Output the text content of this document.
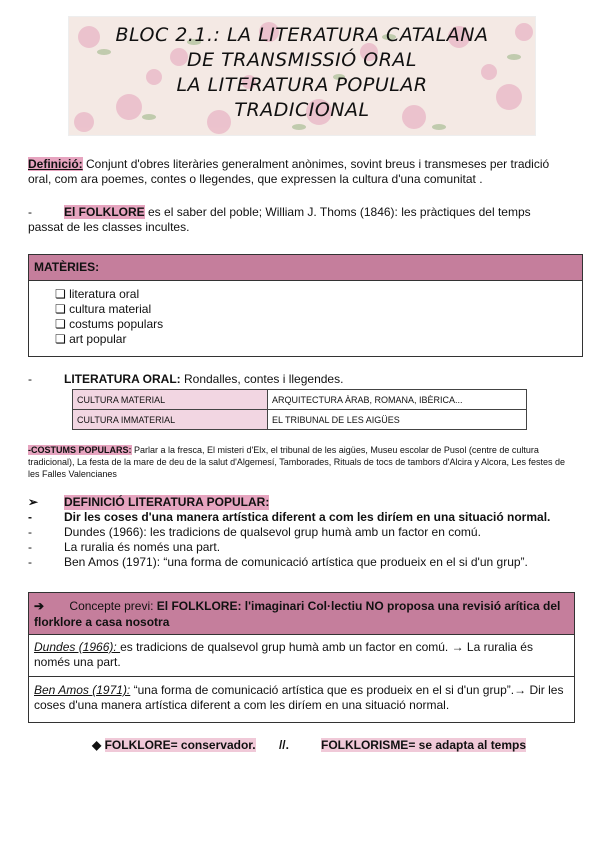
BLOC 2.1.: LA LITERATURA CATALANA
DE TRANSMISSIÓ ORAL
LA LITERATURA POPULAR
TRADICIONAL

Definició: Conjunt d'obres literàries generalment anònimes, sovint breus i transmeses per tradició oral, com ara poemes, contes o llegendes, que expressen la cultura d'una comunitat .

-	El FOLKLORE es el saber del poble; William J. Thoms (1846): les pràctiques del temps passat de les classes incultes.
MATÈRIES:
❏ literatura oral
❏ cultura material
❏ costums populars
❏ art popular
-	LITERATURA ORAL: Rondalles, contes i llegendes.
CULTURA MATERIAL	ARQUITECTURA ÀRAB, ROMANA, IBÈRICA...
CULTURA IMMATERIAL	EL TRIBUNAL DE LES AIGÜES

-COSTUMS POPULARS: Parlar a la fresca, El misteri d'Elx, el tribunal de les aigües, Museu escolar de Pusol (centre de cultura tradicional), La festa de la mare de deu de la salut d'Algemesí, Tamborades, Rituals de tocs de tambors d'Alcira y Alcora, Les festes de les Falles Valencianes

➢	DEFINICIÓ LITERATURA POPULAR:
-	Dir les coses d'una manera artística diferent a com les diríem en una situació normal.
-	Dundes (1966): les tradicions de qualsevol grup humà amb un factor en comú.
-	La ruralia és només una part.
-	Ben Amos (1971): “una forma de comunicació artística que produeix en el si d'un grup”.
➔ Concepte previ: El FOLKLORE: l'imaginari Col·lectiu NO proposa una revisió arítica del florklore a casa nosotra
Dundes (1966): es tradicions de qualsevol grup humà amb un factor en comú. → La ruralia és només una part.
Ben Amos (1971): “una forma de comunicació artística que es produeix en el si d'un grup”.→ Dir les coses d'una manera artística diferent a com les diríem en una situació normal.
◆ FOLKLORE= conservador. //.	FOLKLORISME= se adapta al temps
